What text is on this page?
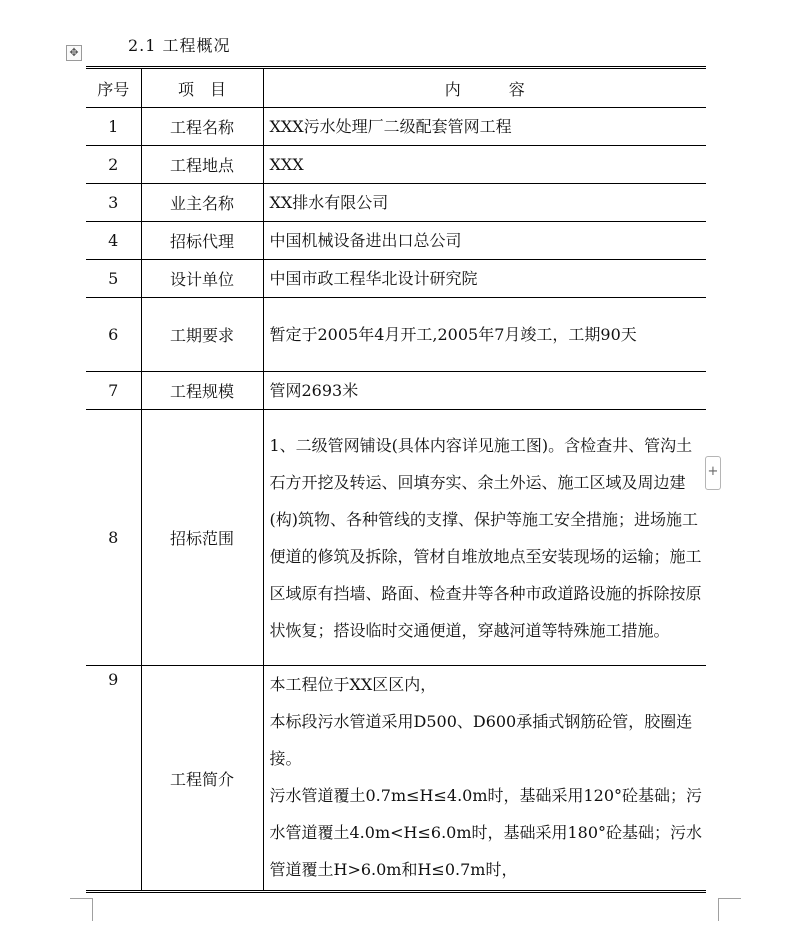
2.1 工程概况
✥
序号	项　目	内　　　容
1	工程名称	XXX污水处理厂二级配套管网工程
2	工程地点	XXX
3	业主名称	XX排水有限公司
4	招标代理	中国机械设备进出口总公司
5	设计单位	中国市政工程华北设计研究院
6	工期要求	暂定于2005年4月开工,2005年7月竣工，工期90天
7	工程规模	管网2693米
8	招标范围	1、二级管网铺设(具体内容详见施工图)。含检查井、管沟土石方开挖及转运、回填夯实、余土外运、施工区域及周边建(构)筑物、各种管线的支撑、保护等施工安全措施；进场施工便道的修筑及拆除，管材自堆放地点至安装现场的运输；施工区域原有挡墙、路面、检查井等各种市政道路设施的拆除按原状恢复；搭设临时交通便道，穿越河道等特殊施工措施。
9	工程简介	本工程位于XX区区内，
本标段污水管道采用D500、D600承插式钢筋砼管，胶圈连接。
污水管道覆土0.7m≤H≤4.0m时，基础采用120°砼基础；污水管道覆土4.0m<H≤6.0m时，基础采用180°砼基础；污水管道覆土H>6.0m和H≤0.7m时，
+
